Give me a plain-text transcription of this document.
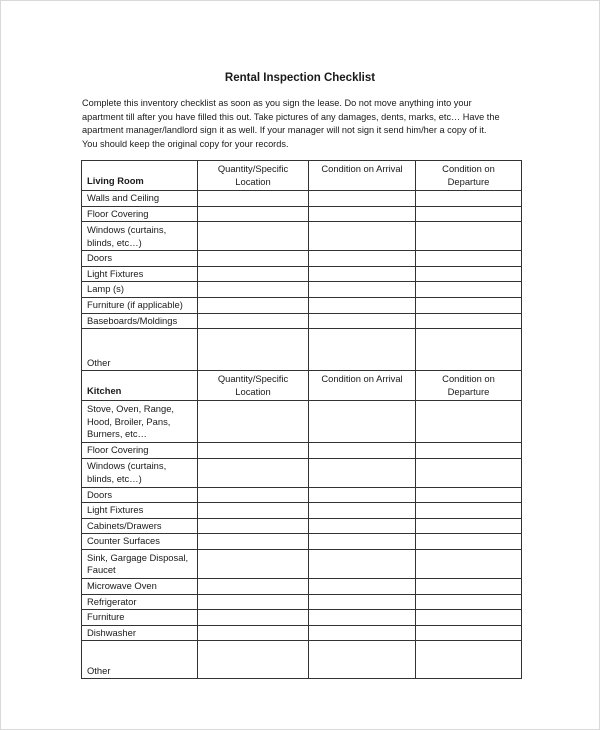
Rental Inspection Checklist
Complete this inventory checklist as soon as you sign the lease. Do not move anything into your
apartment till after you have filled this out. Take pictures of any damages, dents, marks, etc… Have the
apartment manager/landlord sign it as well. If your manager will not sign it send him/her a copy of it.
You should keep the original copy for your records.
Living Room	Quantity/Specific Location	Condition on Arrival	Condition on Departure
Walls and Ceiling			
Floor Covering			
Windows (curtains, blinds, etc…)			
Doors			
Light Fixtures			
Lamp (s)			
Furniture (if applicable)			
Baseboards/Moldings			
Other			
Kitchen	Quantity/Specific Location	Condition on Arrival	Condition on Departure
Stove, Oven, Range, Hood, Broiler, Pans, Burners, etc…			
Floor Covering			
Windows (curtains, blinds, etc…)			
Doors			
Light Fixtures			
Cabinets/Drawers			
Counter Surfaces			
Sink, Gargage Disposal, Faucet			
Microwave Oven			
Refrigerator			
Furniture			
Dishwasher			
Other			
